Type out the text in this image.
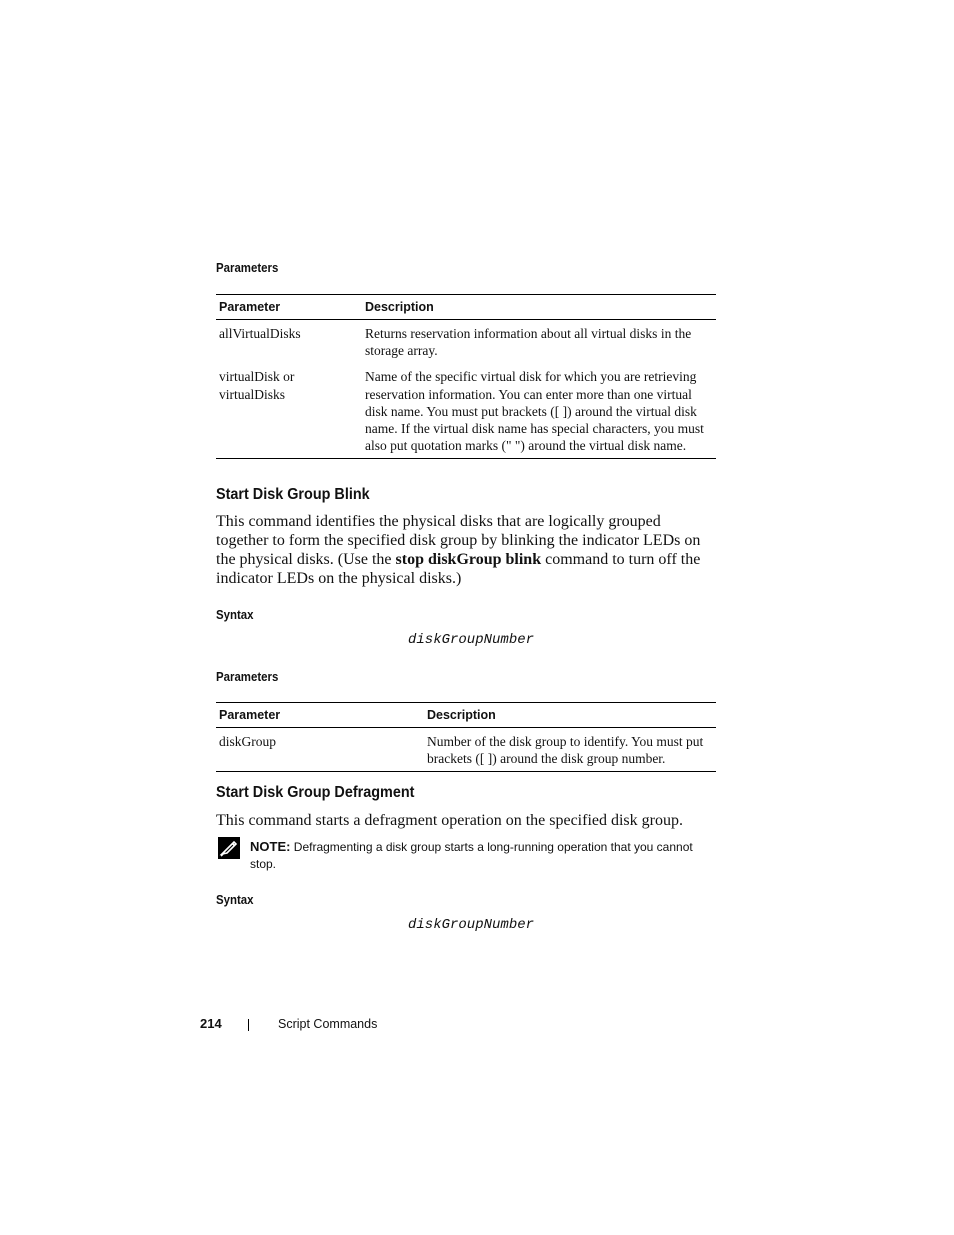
Parameters
Parameter	Description
allVirtualDisks	Returns reservation information about all virtual disks in the storage array.
virtualDisk or virtualDisks	Name of the specific virtual disk for which you are retrieving reservation information. You can enter more than one virtual disk name. You must put brackets ([ ]) around the virtual disk name. If the virtual disk name has special characters, you must also put quotation marks (" ") around the virtual disk name.
Start Disk Group Blink
This command identifies the physical disks that are logically grouped together to form the specified disk group by blinking the indicator LEDs on the physical disks. (Use the stop diskGroup blink command to turn off the indicator LEDs on the physical disks.)
Syntax
diskGroupNumber
Parameters
Parameter	Description
diskGroup	Number of the disk group to identify. You must put brackets ([ ]) around the disk group number.
Start Disk Group Defragment
This command starts a defragment operation on the specified disk group.
NOTE: Defragmenting a disk group starts a long-running operation that you cannot stop.
Syntax
diskGroupNumber
214	Script Commands
